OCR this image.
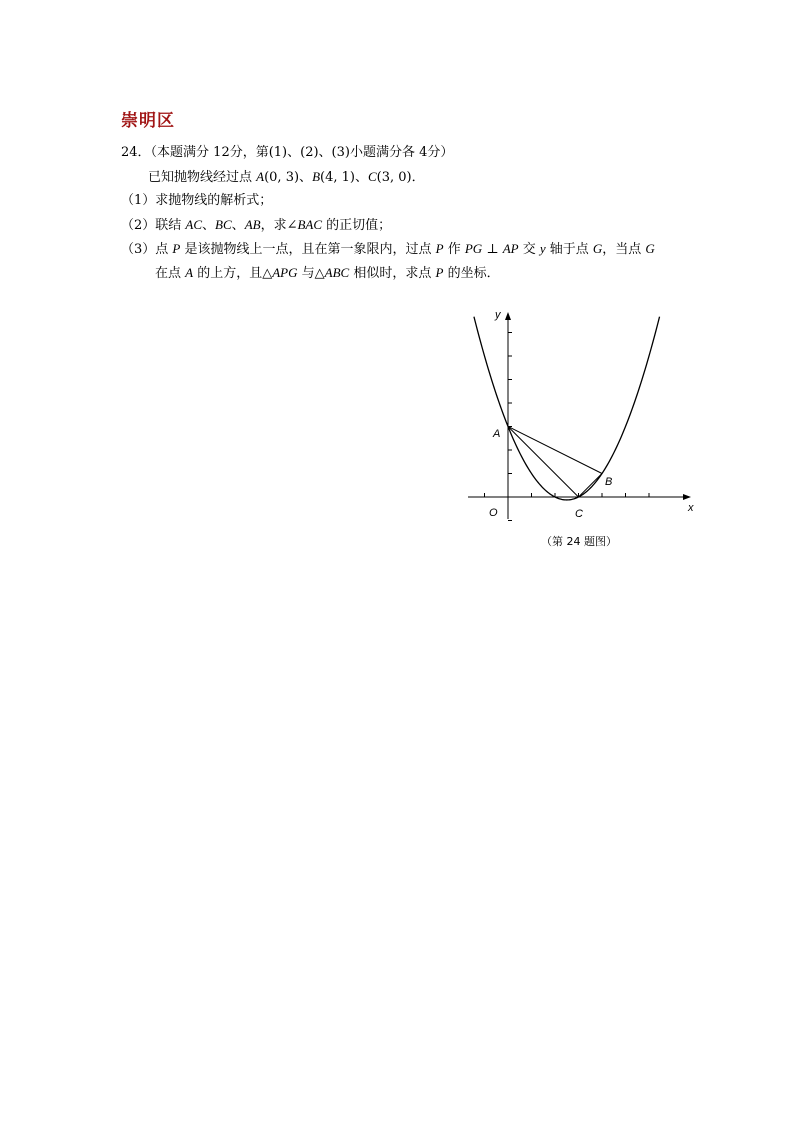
崇明区
24．（本题满分 12分，第(1)、(2)、(3)小题满分各 4分）
已知抛物线经过点 A(0, 3)、B(4, 1)、C(3, 0)．
（1）求抛物线的解析式；
（2）联结 AC、BC、AB，求∠BAC 的正切值；
（3）点 P 是该抛物线上一点，且在第一象限内，过点 P 作 PG ⊥ AP 交 y 轴于点 G，当点 G
在点 A 的上方，且△APG 与△ABC 相似时，求点 P 的坐标．
y
x
O
A
B
C
（第 24 题图）
